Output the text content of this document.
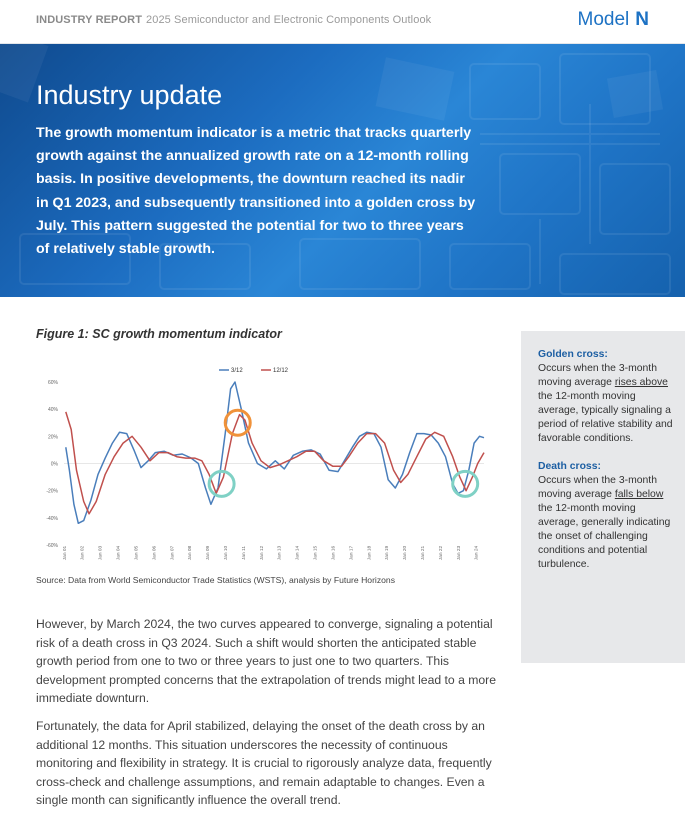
INDUSTRY REPORT 2025 Semiconductor and Electronic Components Outlook	Model N
Industry update

The growth momentum indicator is a metric that tracks quarterly growth against the annualized growth rate on a 12-month rolling basis. In positive developments, the downturn reached its nadir in Q1 2023, and subsequently transitioned into a golden cross by July. This pattern suggested the potential for two to three years of relatively stable growth.

Figure 1: SC growth momentum indicator
60%
40%
20%
0%
-20%
-40%
-60% Jan 01	Jan 02	Jan 03	Jan 04	Jan 05	Jan 06	Jan 07	Jan 08	Jan 09	Jan 10	Jan 11	Jan 12	Jan 13	Jan 14	Jan 15	Jan 16	Jan 17	Jan 18	Jan 19	Jan 20	Jan 21	Jan 22	Jan 23	Jan 24
3/12	12/12
Source: Data from World Semiconductor Trade Statistics (WSTS), analysis by Future Horizons
Golden cross:
Occurs when the 3-month moving average rises above the 12-month moving average, typically signaling a period of relative stability and favorable conditions.
Death cross:
Occurs when the 3-month moving average falls below the 12-month moving average, generally indicating the onset of challenging conditions and potential turbulence.

However, by March 2024, the two curves appeared to converge, signaling a potential risk of a death cross in Q3 2024. Such a shift would shorten the anticipated stable growth period from one to two or three years to just one to two quarters. This development prompted concerns that the extrapolation of trends might lead to a more immediate downturn.

Fortunately, the data for April stabilized, delaying the onset of the death cross by an additional 12 months. This situation underscores the necessity of continuous monitoring and flexibility in strategy. It is crucial to rigorously analyze data, frequently cross-check and challenge assumptions, and remain adaptable to changes. Even a single month can significantly influence the overall trend.
